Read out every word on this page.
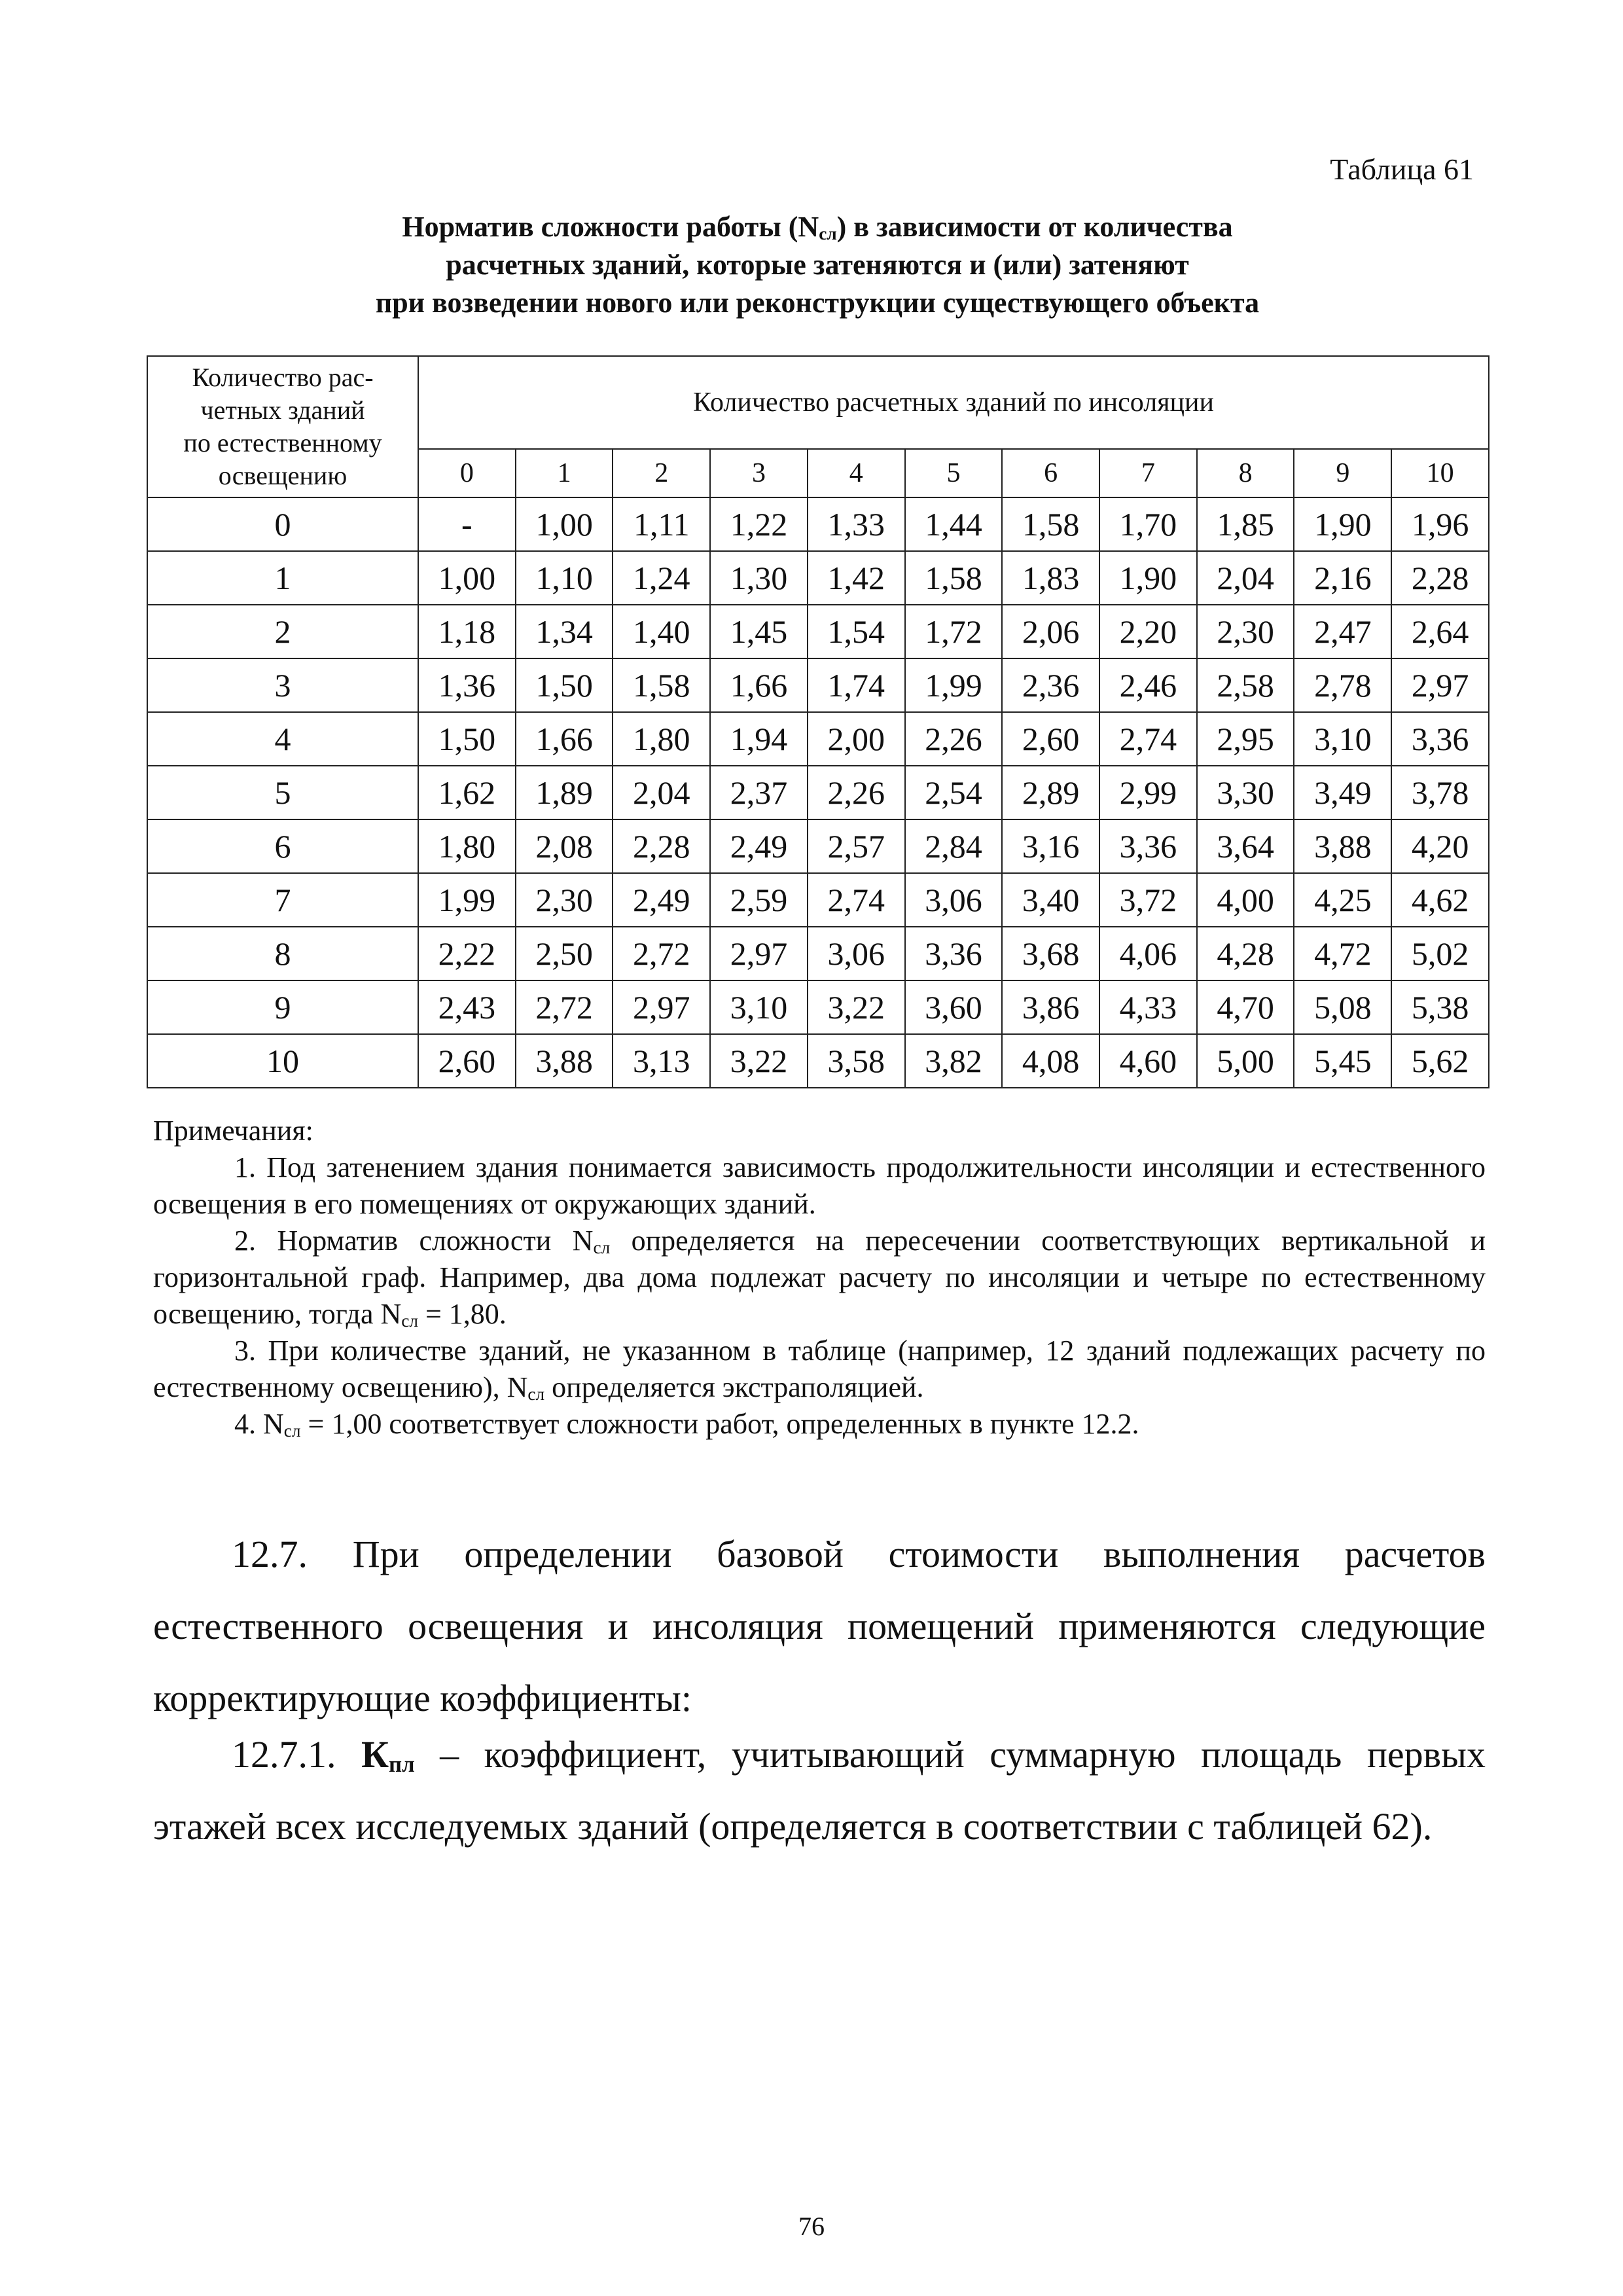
Таблица 61
Норматив сложности работы $(N_{сл})$ в зависимости от количества
расчетных зданий, которые затеняются и (или) затеняют
при возведении нового или реконструкции существующего объекта
Количество рас-
четных зданий
по естественному
освещению	Количество расчетных зданий по инсоляции										
	0	1	2	3	4	5	6	7	8	9	10
0	-	1,00	1,11	1,22	1,33	1,44	1,58	1,70	1,85	1,90	1,96
1	1,00	1,10	1,24	1,30	1,42	1,58	1,83	1,90	2,04	2,16	2,28
2	1,18	1,34	1,40	1,45	1,54	1,72	2,06	2,20	2,30	2,47	2,64
3	1,36	1,50	1,58	1,66	1,74	1,99	2,36	2,46	2,58	2,78	2,97
4	1,50	1,66	1,80	1,94	2,00	2,26	2,60	2,74	2,95	3,10	3,36
5	1,62	1,89	2,04	2,37	2,26	2,54	2,89	2,99	3,30	3,49	3,78
6	1,80	2,08	2,28	2,49	2,57	2,84	3,16	3,36	3,64	3,88	4,20
7	1,99	2,30	2,49	2,59	2,74	3,06	3,40	3,72	4,00	4,25	4,62
8	2,22	2,50	2,72	2,97	3,06	3,36	3,68	4,06	4,28	4,72	5,02
9	2,43	2,72	2,97	3,10	3,22	3,60	3,86	4,33	4,70	5,08	5,38
10	2,60	3,88	3,13	3,22	3,58	3,82	4,08	4,60	5,00	5,45	5,62
Примечания:
1. Под затенением здания понимается зависимость продолжительности инсоляции и естественного освещения в его помещениях от окружающих зданий.
2. Норматив сложности $N_{сл}$ определяется на пересечении соответствующих вертикальной и горизонтальной граф. Например, два дома подлежат расчету по инсоляции и четыре по естественному освещению, тогда $N_{сл} = 1,80$.
3. При количестве зданий, не указанном в таблице (например, 12 зданий подлежащих расчету по естественному освещению), $N_{сл}$ определяется экстраполяцией.
4. $N_{сл} = 1,00$ соответствует сложности работ, определенных в пункте 12.2.
12.7. При определении базовой стоимости выполнения расчетов естественного освещения и инсоляция помещений применяются следующие корректирующие коэффициенты:
12.7.1. $К_{пл}$ – коэффициент, учитывающий суммарную площадь первых этажей всех исследуемых зданий (определяется в соответствии с таблицей 62).
76
